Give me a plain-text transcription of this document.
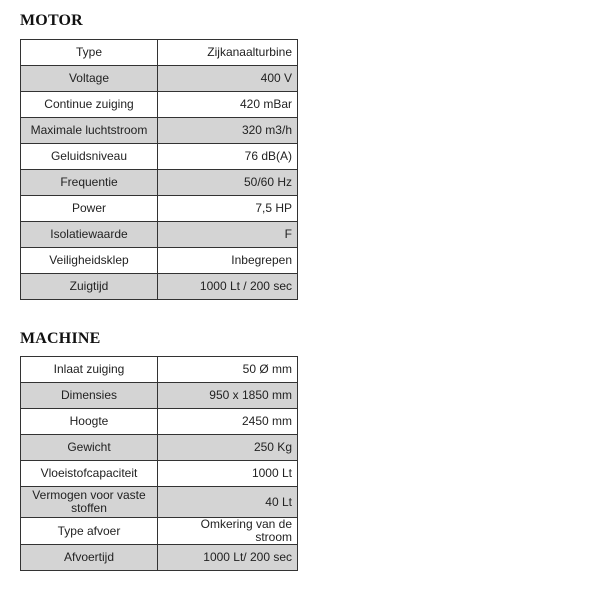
MOTOR
Type	Zijkanaalturbine
Voltage	400 V
Continue zuiging	420 mBar
Maximale luchtstroom	320 m3/h
Geluidsniveau	76 dB(A)
Frequentie	50/60 Hz
Power	7,5 HP
Isolatiewaarde	F
Veiligheidsklep	Inbegrepen
Zuigtijd	1000 Lt / 200 sec
MACHINE
Inlaat zuiging	50 Ø mm
Dimensies	950 x 1850 mm
Hoogte	2450 mm
Gewicht	250 Kg
Vloeistofcapaciteit	1000 Lt
Vermogen voor vaste stoffen	40 Lt
Type afvoer	Omkering van de stroom
Afvoertijd	1000 Lt/ 200 sec
